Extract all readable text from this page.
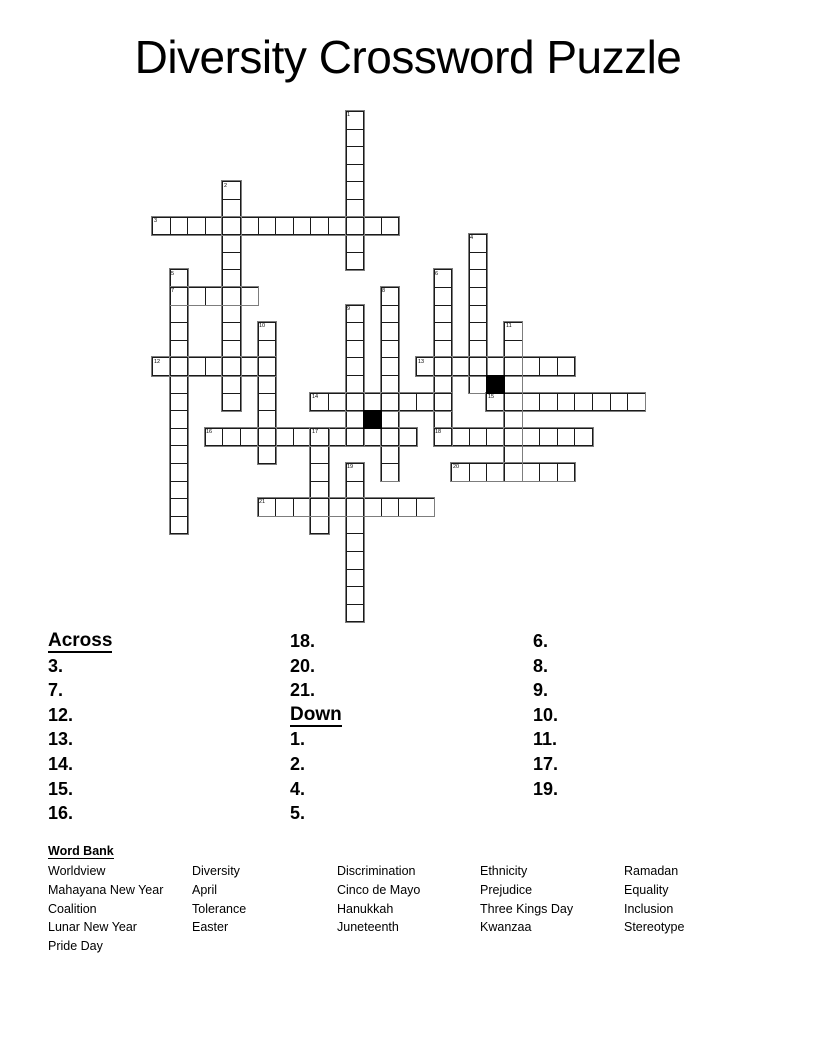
Diversity Crossword Puzzle
1
2
3
4
5	6
7	8
9
10	11
12	13
14	15
16	17	18
19	20
21
Across
3.
7.
12.
13.
14.
15.
16.
18.
20.
21.
Down
1.
2.
4.
5.
6.
8.
9.
10.
11.
17.
19.
Word Bank
Worldview
Mahayana New Year
Coalition
Lunar New Year
Pride Day
Diversity
April
Tolerance
Easter
Discrimination
Cinco de Mayo
Hanukkah
Juneteenth
Ethnicity
Prejudice
Three Kings Day
Kwanzaa
Ramadan
Equality
Inclusion
Stereotype
